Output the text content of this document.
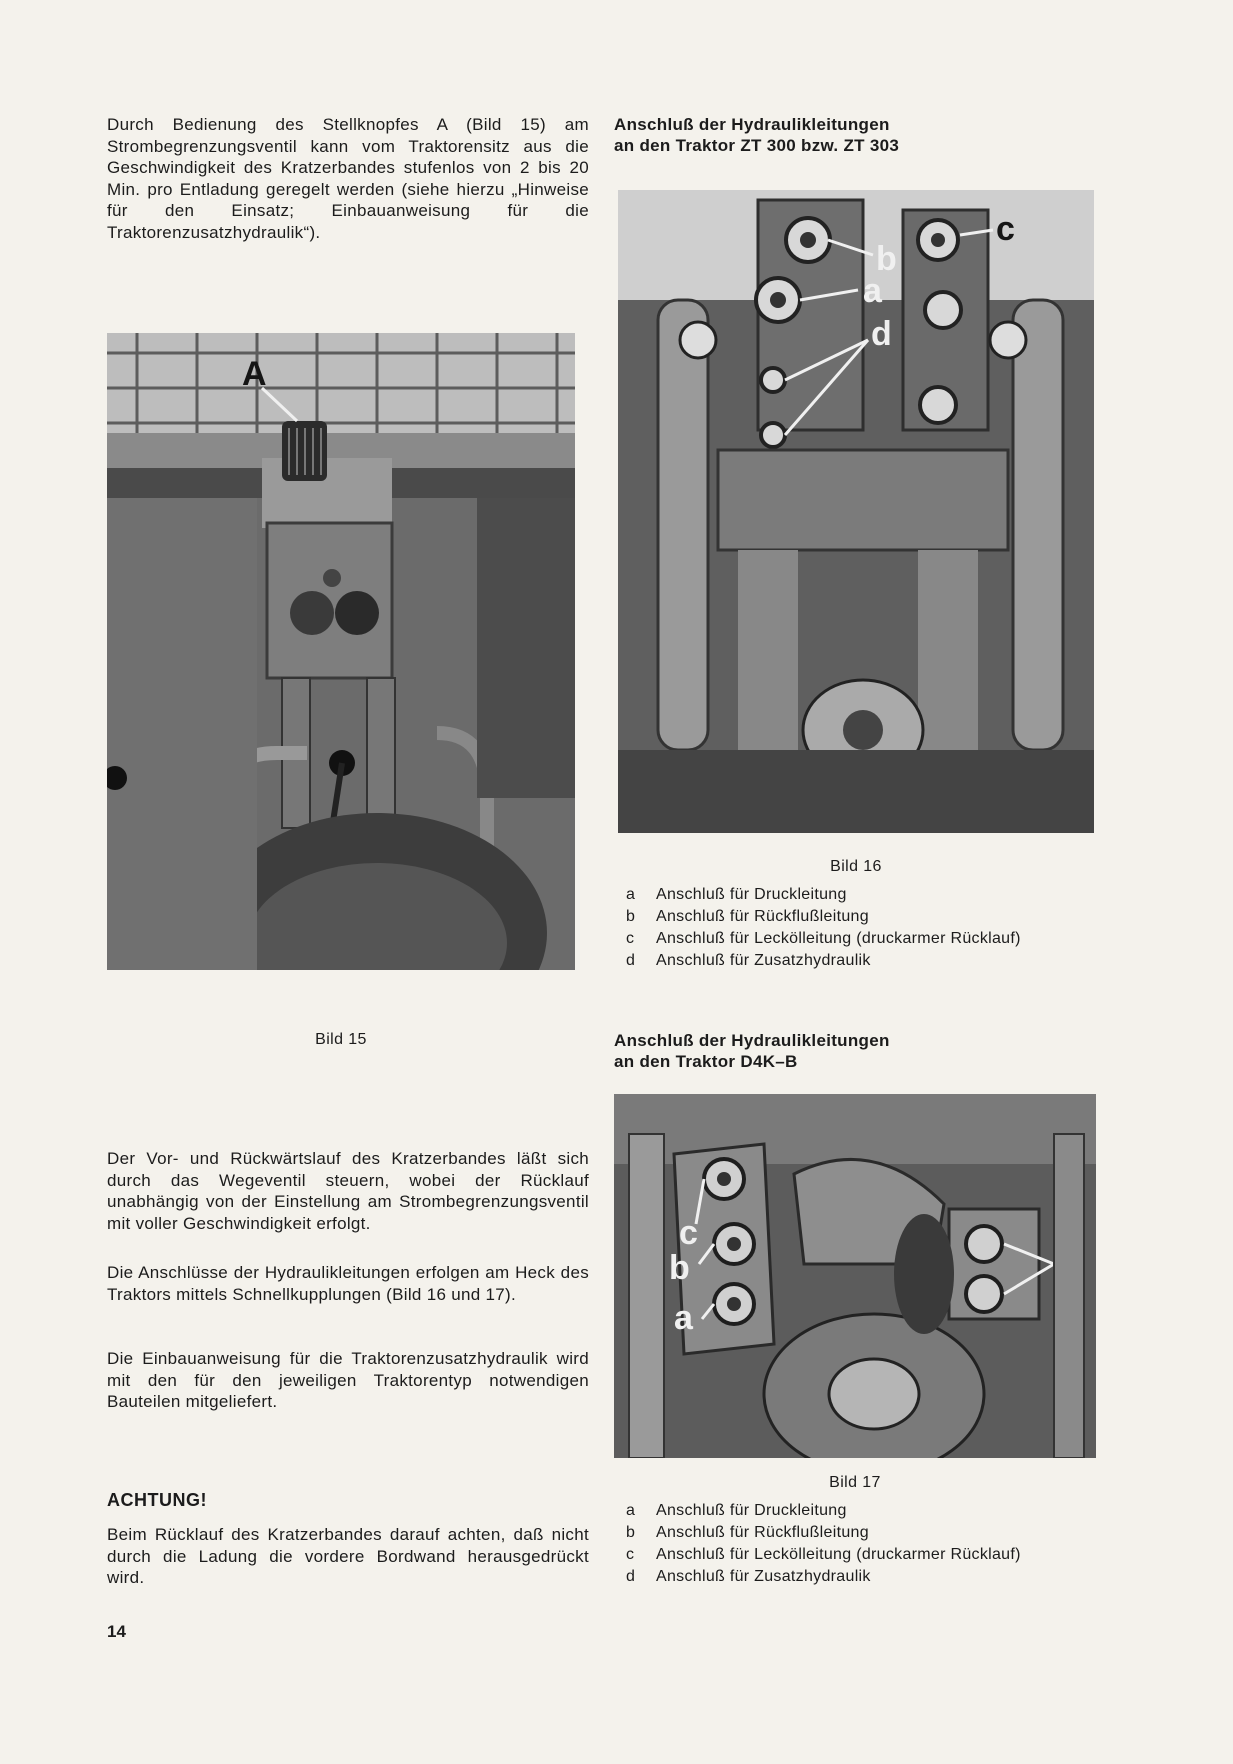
Durch Bedienung des Stellknopfes A (Bild 15) am Strombegrenzungsventil kann vom Traktorensitz aus die Geschwindigkeit des Kratzerbandes stufenlos von 2 bis 20 Min. pro Entladung geregelt werden (siehe hierzu „Hinweise für den Einsatz; Einbauanweisung für die Traktorenzusatzhydraulik“).
A
Bild 15
Der Vor- und Rückwärtslauf des Kratzerbandes läßt sich durch das Wegeventil steuern, wobei der Rücklauf unabhängig von der Einstellung am Strombegrenzungsventil mit voller Geschwindigkeit erfolgt.
Die Anschlüsse der Hydraulikleitungen erfolgen am Heck des Traktors mittels Schnellkupplungen (Bild 16 und 17).
Die Einbauanweisung für die Traktorenzusatzhydraulik wird mit den für den jeweiligen Traktorentyp notwendigen Bauteilen mitgeliefert.
ACHTUNG!
Beim Rücklauf des Kratzerbandes darauf achten, daß nicht durch die Ladung die vordere Bordwand herausgedrückt wird.
14
Anschluß der Hydraulikleitungen
an den Traktor ZT 300 bzw. ZT 303
b
a
c
d
Bild 16
a	Anschluß für Druckleitung
b	Anschluß für Rückflußleitung
c	Anschluß für Leckölleitung (druckarmer Rücklauf)
d	Anschluß für Zusatzhydraulik
Anschluß der Hydraulikleitungen
an den Traktor D4K–B
c
b
a
Bild 17
a	Anschluß für Druckleitung
b	Anschluß für Rückflußleitung
c	Anschluß für Leckölleitung (druckarmer Rücklauf)
d	Anschluß für Zusatzhydraulik
